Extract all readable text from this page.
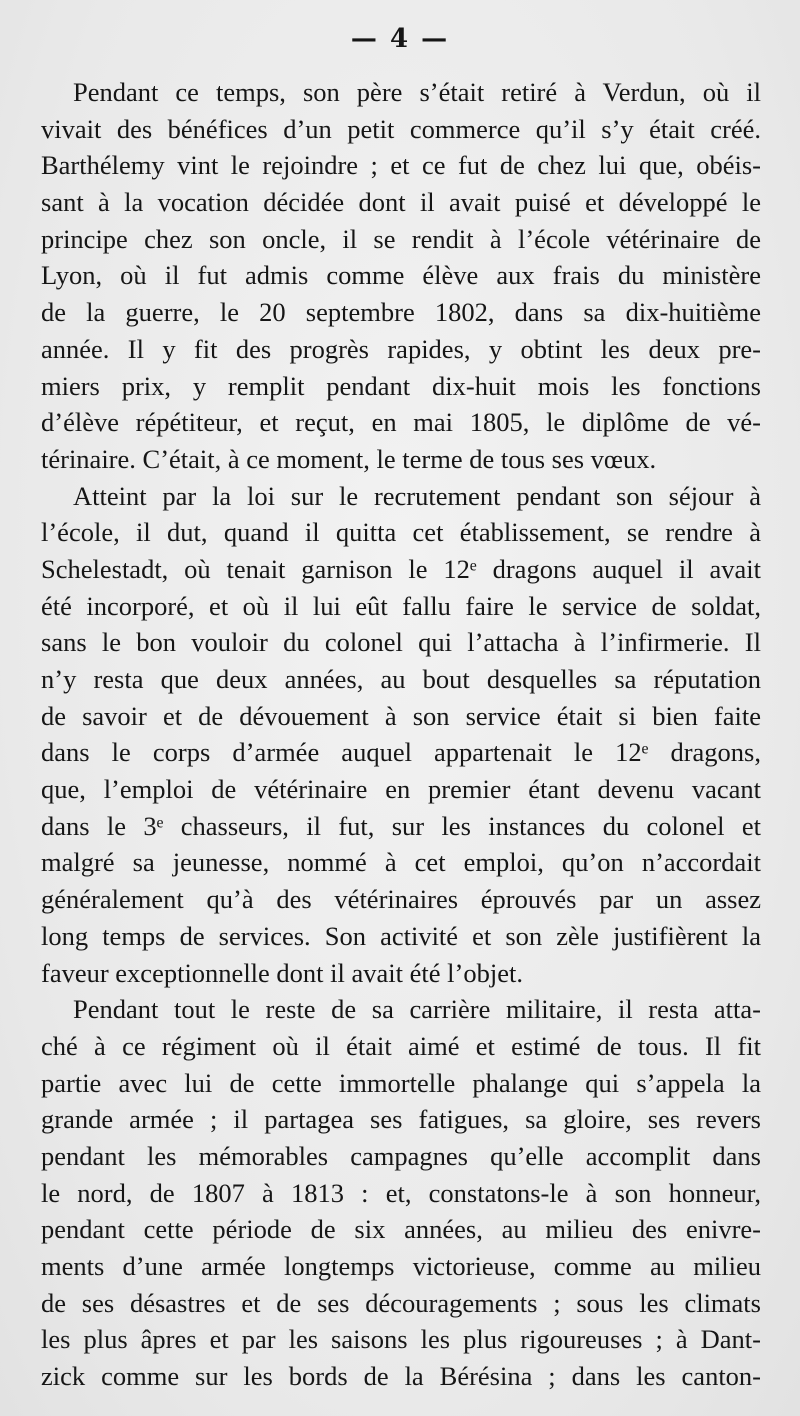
— 4 —
Pendant ce temps, son père s’était retiré à Verdun, où il
vivait des bénéfices d’un petit commerce qu’il s’y était créé.
Barthélemy vint le rejoindre ; et ce fut de chez lui que, obéis-
sant à la vocation décidée dont il avait puisé et développé le
principe chez son oncle, il se rendit à l’école vétérinaire de
Lyon, où il fut admis comme élève aux frais du ministère
de la guerre, le 20 septembre 1802, dans sa dix-huitième
année. Il y fit des progrès rapides, y obtint les deux pre-
miers prix, y remplit pendant dix-huit mois les fonctions
d’élève répétiteur, et reçut, en mai 1805, le diplôme de vé-
térinaire. C’était, à ce moment, le terme de tous ses vœux.
Atteint par la loi sur le recrutement pendant son séjour à
l’école, il dut, quand il quitta cet établissement, se rendre à
Schelestadt, où tenait garnison le 12ᵉ dragons auquel il avait
été incorporé, et où il lui eût fallu faire le service de soldat,
sans le bon vouloir du colonel qui l’attacha à l’infirmerie. Il
n’y resta que deux années, au bout desquelles sa réputation
de savoir et de dévouement à son service était si bien faite
dans le corps d’armée auquel appartenait le 12ᵉ dragons,
que, l’emploi de vétérinaire en premier étant devenu vacant
dans le 3ᵉ chasseurs, il fut, sur les instances du colonel et
malgré sa jeunesse, nommé à cet emploi, qu’on n’accordait
généralement qu’à des vétérinaires éprouvés par un assez
long temps de services. Son activité et son zèle justifièrent la
faveur exceptionnelle dont il avait été l’objet.
Pendant tout le reste de sa carrière militaire, il resta atta-
ché à ce régiment où il était aimé et estimé de tous. Il fit
partie avec lui de cette immortelle phalange qui s’appela la
grande armée ; il partagea ses fatigues, sa gloire, ses revers
pendant les mémorables campagnes qu’elle accomplit dans
le nord, de 1807 à 1813 : et, constatons-le à son honneur,
pendant cette période de six années, au milieu des enivre-
ments d’une armée longtemps victorieuse, comme au milieu
de ses désastres et de ses découragements ; sous les climats
les plus âpres et par les saisons les plus rigoureuses ; à Dant-
zick comme sur les bords de la Bérésina ; dans les canton-
